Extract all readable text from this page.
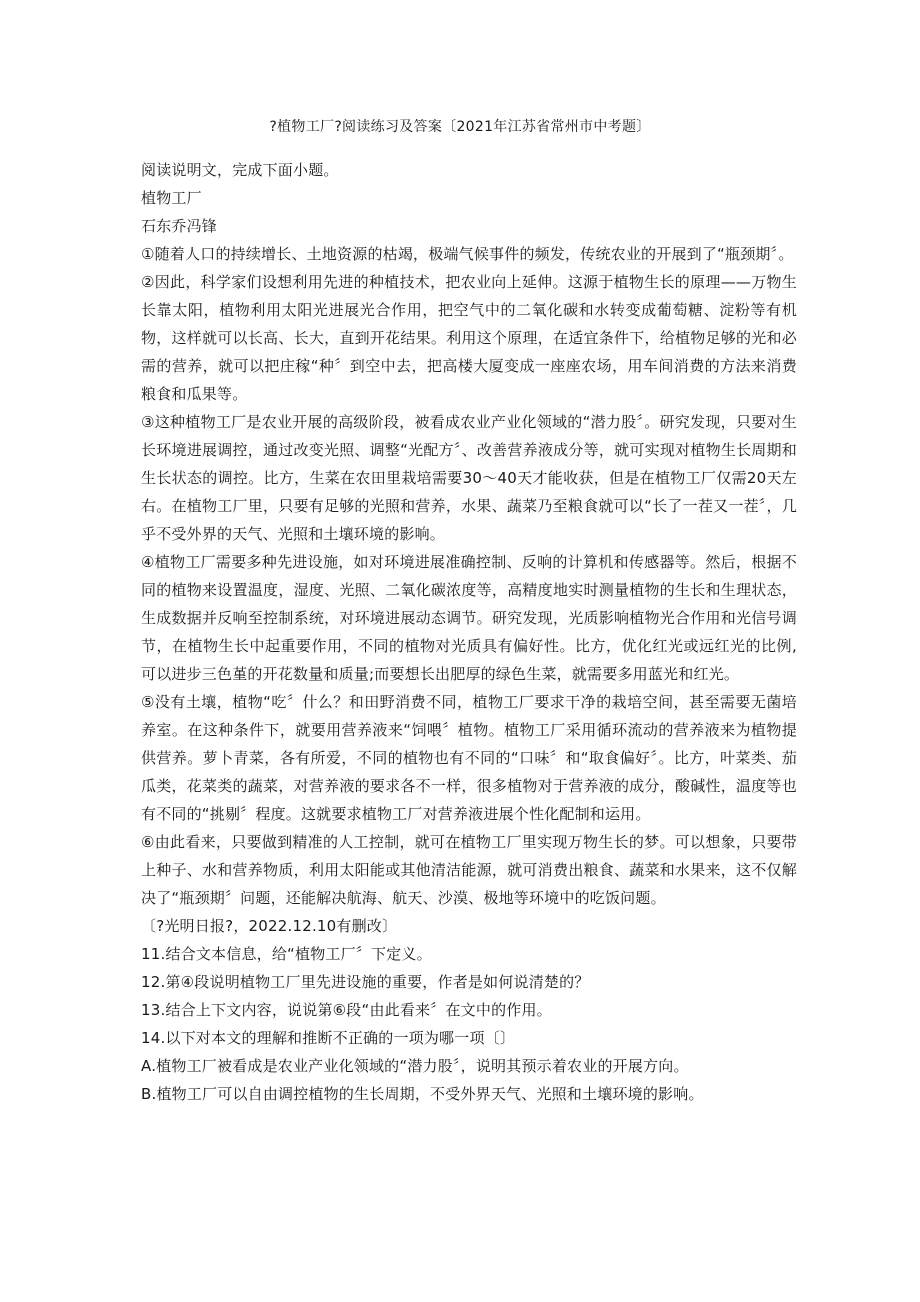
?植物工厂?阅读练习及答案〔2021年江苏省常州市中考题〕

阅读说明文，完成下面小题。

植物工厂

石东乔冯锋

①随着人口的持续增长、土地资源的枯竭，极端气候事件的频发，传统农业的开展到了“瓶颈期〞。

②因此，科学家们设想利用先进的种植技术，把农业向上延伸。这源于植物生长的原理——万物生长靠太阳，植物利用太阳光进展光合作用，把空气中的二氧化碳和水转变成葡萄糖、淀粉等有机物，这样就可以长高、长大，直到开花结果。利用这个原理，在适宜条件下，给植物足够的光和必需的营养，就可以把庄稼“种〞到空中去，把高楼大厦变成一座座农场，用车间消费的方法来消费粮食和瓜果等。

③这种植物工厂是农业开展的高级阶段，被看成农业产业化领域的“潜力股〞。研究发现，只要对生长环境进展调控，通过改变光照、调整“光配方〞、改善营养液成分等，就可实现对植物生长周期和生长状态的调控。比方，生菜在农田里栽培需要30～40天才能收获，但是在植物工厂仅需20天左右。在植物工厂里，只要有足够的光照和营养，水果、蔬菜乃至粮食就可以“长了一茬又一茬〞，几乎不受外界的天气、光照和土壤环境的影响。

④植物工厂需要多种先进设施，如对环境进展准确控制、反响的计算机和传感器等。然后，根据不同的植物来设置温度，湿度、光照、二氧化碳浓度等，高精度地实时测量植物的生长和生理状态，生成数据并反响至控制系统，对环境进展动态调节。研究发现，光质影响植物光合作用和光信号调节，在植物生长中起重要作用，不同的植物对光质具有偏好性。比方，优化红光或远红光的比例,可以进步三色堇的开花数量和质量;而要想长出肥厚的绿色生菜，就需要多用蓝光和红光。

⑤没有土壤，植物“吃〞什么？和田野消费不同，植物工厂要求干净的栽培空间，甚至需要无菌培养室。在这种条件下，就要用营养液来“饲喂〞植物。植物工厂采用循环流动的营养液来为植物提供营养。萝卜青菜，各有所爱，不同的植物也有不同的“口味〞和“取食偏好〞。比方，叶菜类、茄瓜类，花菜类的蔬菜，对营养液的要求各不一样，很多植物对于营养液的成分，酸碱性，温度等也有不同的“挑剔〞程度。这就要求植物工厂对营养液进展个性化配制和运用。

⑥由此看来，只要做到精准的人工控制，就可在植物工厂里实现万物生长的梦。可以想象，只要带上种子、水和营养物质，利用太阳能或其他清洁能源，就可消费出粮食、蔬菜和水果来，这不仅解决了“瓶颈期〞问题，还能解决航海、航天、沙漠、极地等环境中的吃饭问题。

〔?光明日报?，2022.12.10有删改〕

11.结合文本信息，给“植物工厂〞下定义。

12.第④段说明植物工厂里先进设施的重要，作者是如何说清楚的？

13.结合上下文内容，说说第⑥段“由此看来〞在文中的作用。

14.以下对本文的理解和推断不正确的一项为哪一项〔〕

A.植物工厂被看成是农业产业化领域的“潜力股〞，说明其预示着农业的开展方向。

B.植物工厂可以自由调控植物的生长周期，不受外界天气、光照和土壤环境的影响。
